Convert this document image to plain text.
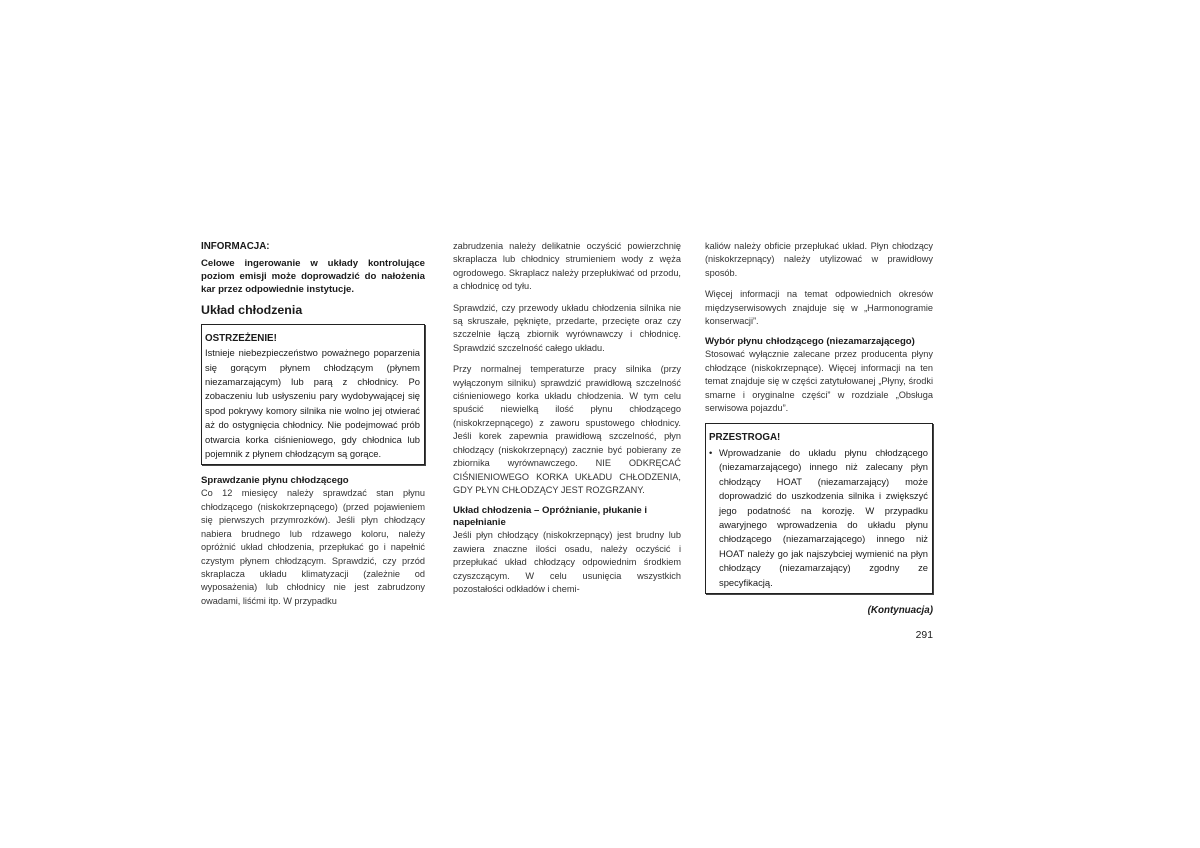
INFORMACJA:
Celowe ingerowanie w układy kontrolujące poziom emisji może doprowadzić do nałożenia kar przez odpowiednie instytucje.
Układ chłodzenia
OSTRZEŻENIE!
Istnieje niebezpieczeństwo poważnego poparzenia się gorącym płynem chłodzącym (płynem niezamarzającym) lub parą z chłodnicy. Po zobaczeniu lub usłyszeniu pary wydobywającej się spod pokrywy komory silnika nie wolno jej otwierać aż do ostygnięcia chłodnicy. Nie podejmować prób otwarcia korka ciśnieniowego, gdy chłodnica lub pojemnik z płynem chłodzącym są gorące.
Sprawdzanie płynu chłodzącego

Co 12 miesięcy należy sprawdzać stan płynu chłodzącego (niskokrzepnącego) (przed pojawieniem się pierwszych przymrozków). Jeśli płyn chłodzący nabiera brudnego lub rdzawego koloru, należy opróżnić układ chłodzenia, przepłukać go i napełnić czystym płynem chłodzącym. Sprawdzić, czy przód skraplacza układu klimatyzacji (zależnie od wyposażenia) lub chłodnicy nie jest zabrudzony owadami, liśćmi itp. W przypadku

zabrudzenia należy delikatnie oczyścić powierzchnię skraplacza lub chłodnicy strumieniem wody z węża ogrodowego. Skraplacz należy przepłukiwać od przodu, a chłodnicę od tyłu.

Sprawdzić, czy przewody układu chłodzenia silnika nie są skruszałe, pęknięte, przedarte, przecięte oraz czy szczelnie łączą zbiornik wyrównawczy i chłodnicę. Sprawdzić szczelność całego układu.

Przy normalnej temperaturze pracy silnika (przy wyłączonym silniku) sprawdzić prawidłową szczelność ciśnieniowego korka układu chłodzenia. W tym celu spuścić niewielką ilość płynu chłodzącego (niskokrzepnącego) z zaworu spustowego chłodnicy. Jeśli korek zapewnia prawidłową szczelność, płyn chłodzący (niskokrzepnący) zacznie być pobierany ze zbiornika wyrównawczego. NIE ODKRĘCAĆ CIŚNIENIOWEGO KORKA UKŁADU CHŁODZENIA, GDY PŁYN CHŁODZĄCY JEST ROZGRZANY.

Układ chłodzenia – Opróżnianie, płukanie i napełnianie

Jeśli płyn chłodzący (niskokrzepnący) jest brudny lub zawiera znaczne ilości osadu, należy oczyścić i przepłukać układ chłodzący odpowiednim środkiem czyszczącym. W celu usunięcia wszystkich pozostałości odkładów i chemi-

kaliów należy obficie przepłukać układ. Płyn chłodzący (niskokrzepnący) należy utylizować w prawidłowy sposób.

Więcej informacji na temat odpowiednich okresów międzyserwisowych znajduje się w „Harmonogramie konserwacji”.

Wybór płynu chłodzącego (niezamarzającego)

Stosować wyłącznie zalecane przez producenta płyny chłodzące (niskokrzepnące). Więcej informacji na ten temat znajduje się w części zatytułowanej „Płyny, środki smarne i oryginalne części” w rozdziale „Obsługa serwisowa pojazdu”.

PRZESTROGA!
• Wprowadzanie do układu płynu chłodzącego (niezamarzającego) innego niż zalecany płyn chłodzący HOAT (niezamarzający) może doprowadzić do uszkodzenia silnika i zwiększyć jego podatność na korozję. W przypadku awaryjnego wprowadzenia do układu płynu chłodzącego (niezamarzającego) innego niż HOAT należy go jak najszybciej wymienić na płyn chłodzący (niezamarzający) zgodny ze specyfikacją.
(Kontynuacja)
291
